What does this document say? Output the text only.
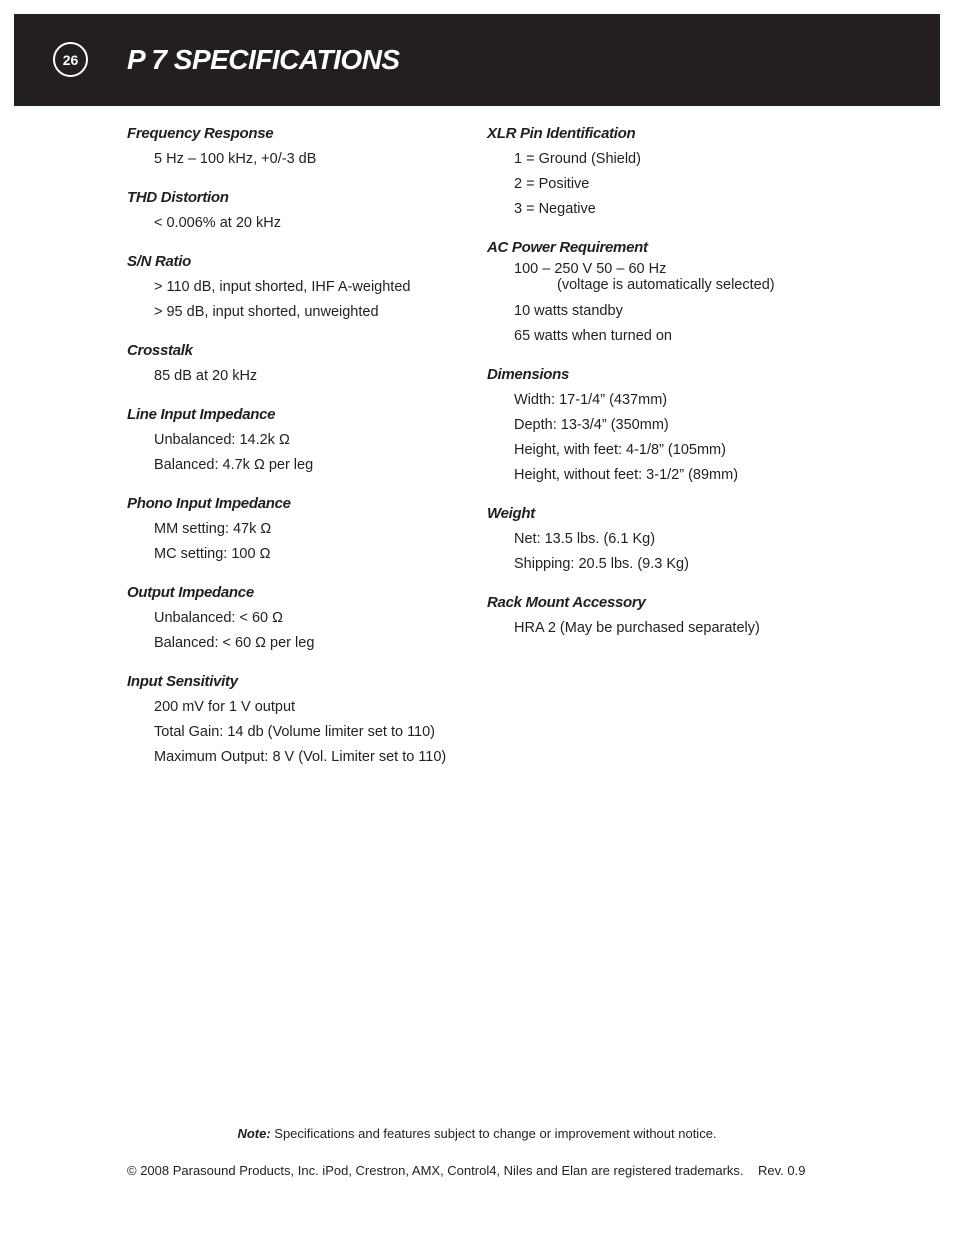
26	P 7 SPECIFICATIONS
Frequency Response
5 Hz – 100 kHz, +0/-3 dB
THD Distortion
< 0.006% at 20 kHz
S/N Ratio
> 110 dB, input shorted, IHF A-weighted
> 95 dB, input shorted, unweighted
Crosstalk
85 dB at 20 kHz
Line Input Impedance
Unbalanced: 14.2k Ω
Balanced: 4.7k Ω per leg
Phono Input Impedance
MM setting: 47k Ω
MC setting: 100 Ω
Output Impedance
Unbalanced: < 60 Ω
Balanced: < 60 Ω per leg
Input Sensitivity
200 mV for 1 V output
Total Gain: 14 db (Volume limiter set to 110)
Maximum Output: 8 V (Vol. Limiter set to 110)
XLR Pin Identification
1 = Ground (Shield)
2 = Positive
3 = Negative
AC Power Requirement
100 – 250 V 50 – 60 Hz
(voltage is automatically selected)
10 watts standby
65 watts when turned on
Dimensions
Width: 17-1/4” (437mm)
Depth: 13-3/4” (350mm)
Height, with feet: 4-1/8” (105mm)
Height, without feet: 3-1/2” (89mm)
Weight
Net: 13.5 lbs. (6.1 Kg)
Shipping: 20.5 lbs. (9.3 Kg)
Rack Mount Accessory
HRA 2 (May be purchased separately)
Note: Specifications and features subject to change or improvement without notice.
© 2008 Parasound Products, Inc. iPod, Crestron, AMX, Control4, Niles and Elan are registered trademarks.    Rev. 0.9
